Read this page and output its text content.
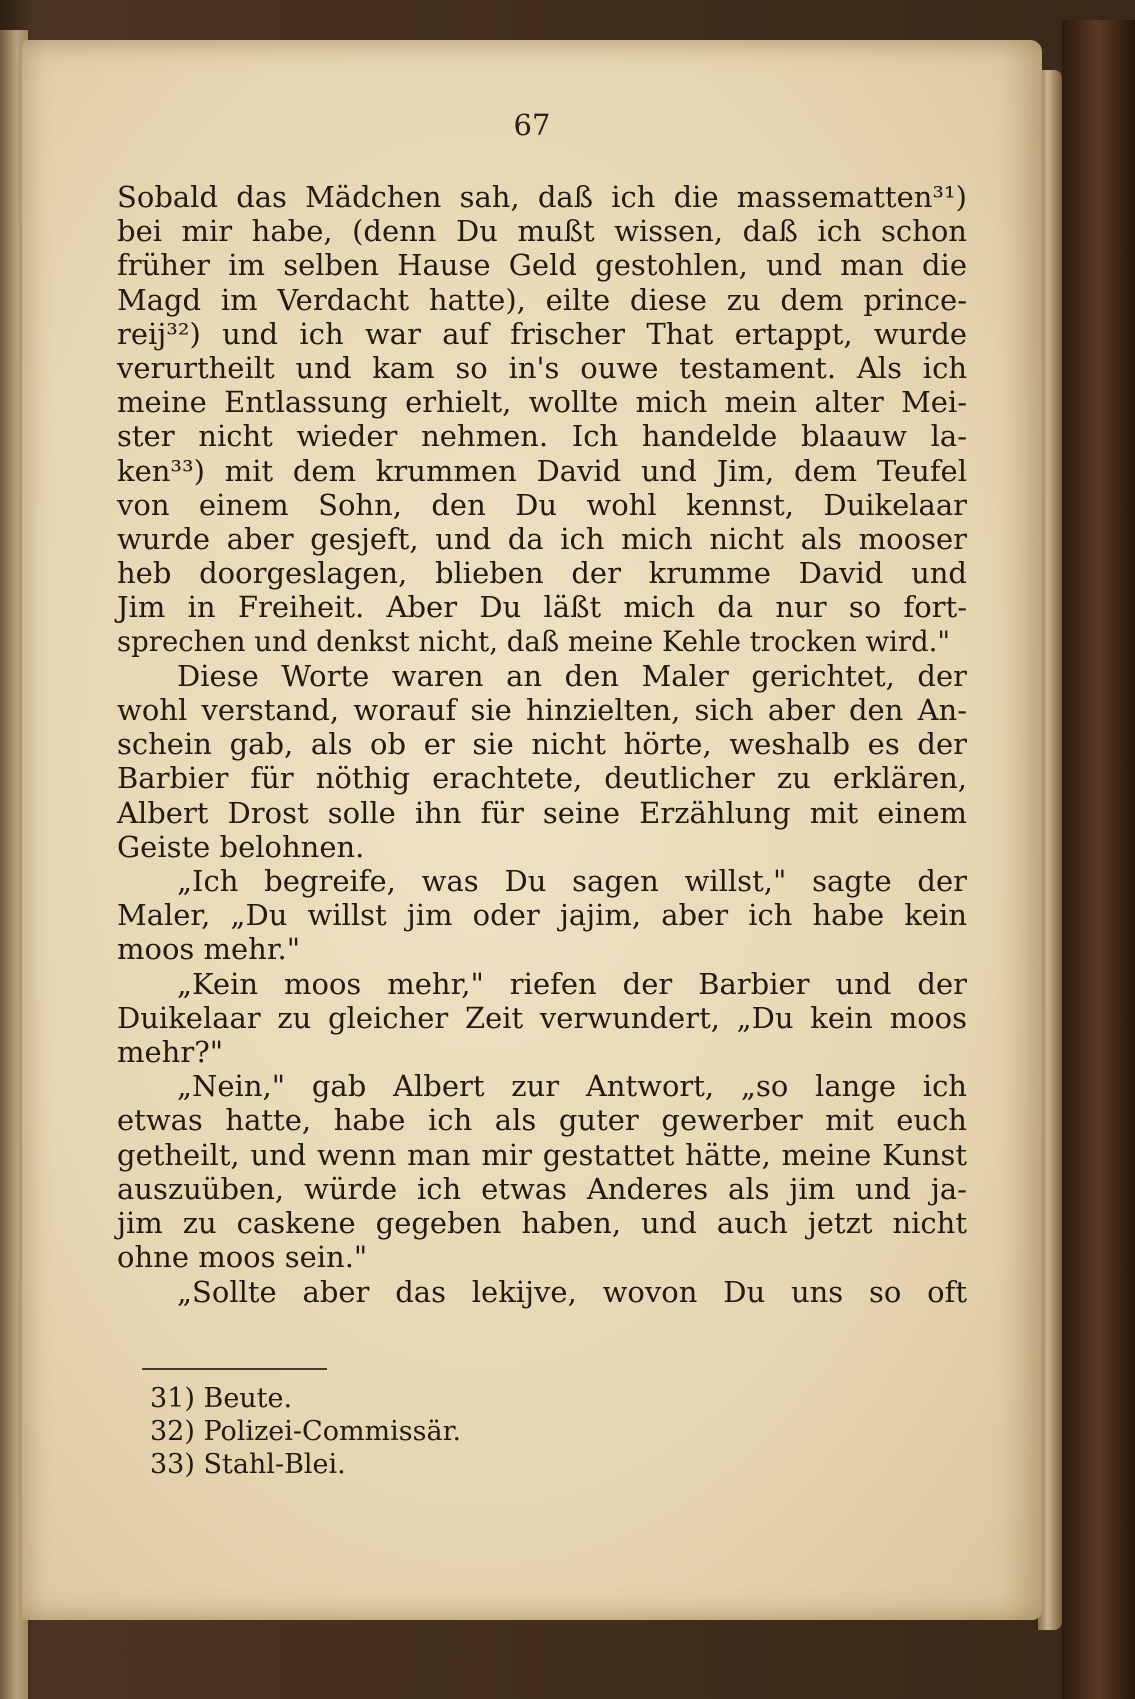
67
Sobald das Mädchen sah, daß ich die massematten³¹)
bei mir habe, (denn Du mußt wissen, daß ich schon
früher im selben Hause Geld gestohlen, und man die
Magd im Verdacht hatte), eilte diese zu dem prince-
reij³²) und ich war auf frischer That ertappt, wurde
verurtheilt und kam so in's ouwe testament. Als ich
meine Entlassung erhielt, wollte mich mein alter Mei-
ster nicht wieder nehmen. Ich handelde blaauw la-
ken³³) mit dem krummen David und Jim, dem Teufel
von einem Sohn, den Du wohl kennst, Duikelaar
wurde aber gesjeft, und da ich mich nicht als mooser
heb doorgeslagen, blieben der krumme David und
Jim in Freiheit. Aber Du läßt mich da nur so fort-
sprechen und denkst nicht, daß meine Kehle trocken wird."
Diese Worte waren an den Maler gerichtet, der
wohl verstand, worauf sie hinzielten, sich aber den An-
schein gab, als ob er sie nicht hörte, weshalb es der
Barbier für nöthig erachtete, deutlicher zu erklären,
Albert Drost solle ihn für seine Erzählung mit einem
Geiste belohnen.
„Ich begreife, was Du sagen willst," sagte der
Maler, „Du willst jim oder jajim, aber ich habe kein
moos mehr."
„Kein moos mehr," riefen der Barbier und der
Duikelaar zu gleicher Zeit verwundert, „Du kein moos
mehr?"
„Nein," gab Albert zur Antwort, „so lange ich
etwas hatte, habe ich als guter gewerber mit euch
getheilt, und wenn man mir gestattet hätte, meine Kunst
auszuüben, würde ich etwas Anderes als jim und ja-
jim zu caskene gegeben haben, und auch jetzt nicht
ohne moos sein."
„Sollte aber das lekijve, wovon Du uns so oft
31) Beute.
32) Polizei-Commissär.
33) Stahl-Blei.
